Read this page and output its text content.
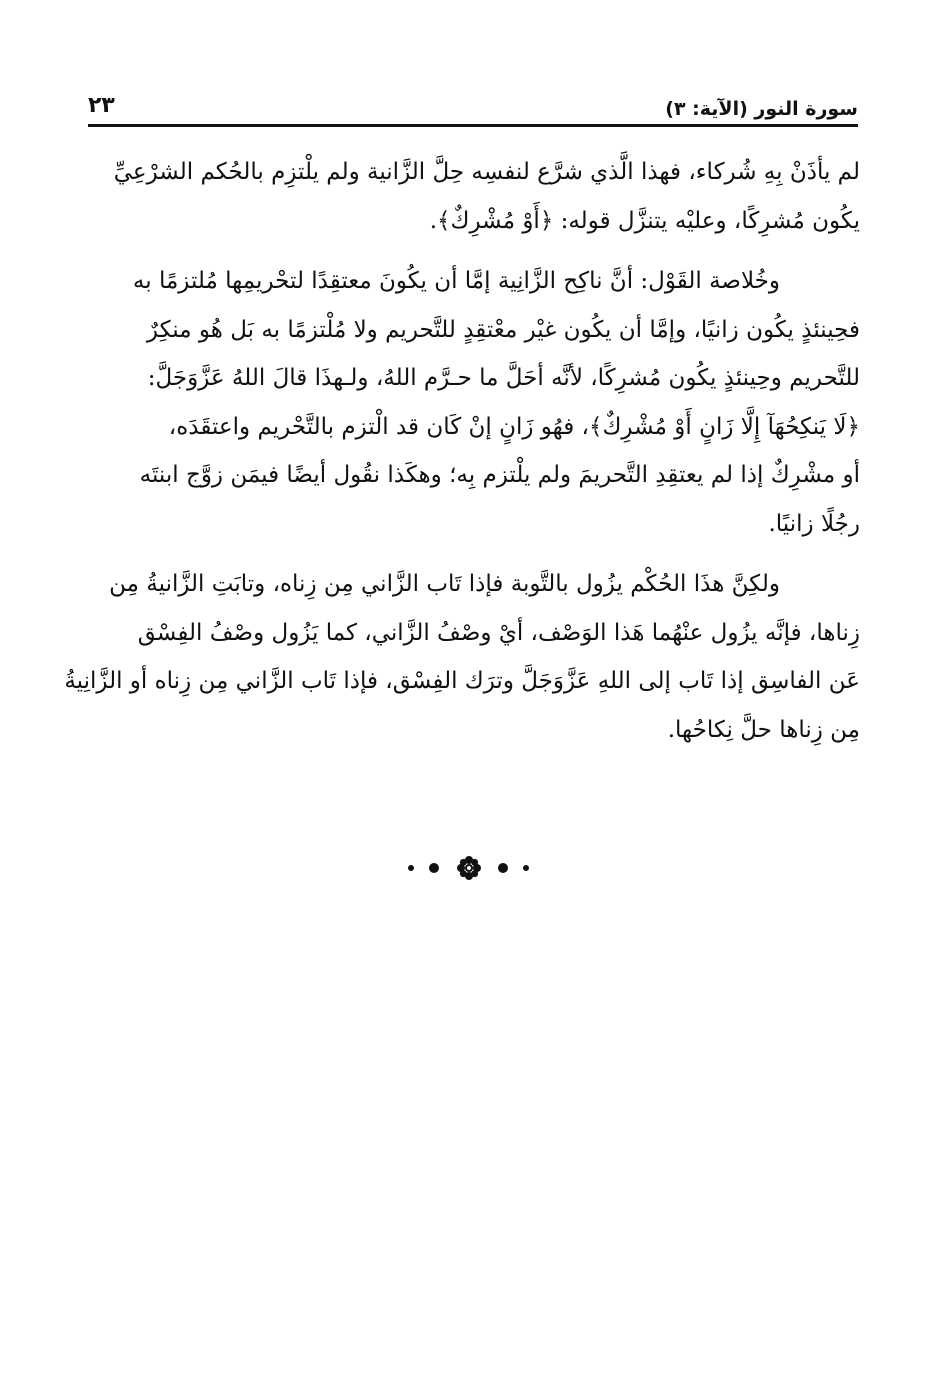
سورة النور (الآية: ٣)
٢٣
لم يأذَنْ بِهِ شُركاء، فهذا الَّذي شرَّع لنفسِه حِلَّ الزَّانية ولم يلْتزِم بالحُكم الشرْعِيِّ
يكُون مُشرِكًا، وعليْه يتنزَّل قوله: ﴿أَوْ مُشْرِكٌ﴾.
وخُلاصة القَوْل: أنَّ ناكِح الزَّانِية إمَّا أن يكُونَ معتقِدًا لتحْريمِها مُلتزمًا به
فحِينئذٍ يكُون زانيًا، وإمَّا أن يكُون غيْر معْتقِدٍ للتَّحريم ولا مُلْتزمًا به بَل هُو منكِرٌ
للتَّحريم وحِينئذٍ يكُون مُشرِكًا، لأنَّه أحَلَّ ما حـرَّم اللهُ، ولـهذَا قالَ اللهُ عَزَّوَجَلَّ:
﴿لَا يَنكِحُهَآ إِلَّا زَانٍ أَوْ مُشْرِكٌ﴾، فهُو زَانٍ إنْ كَان قد الْتزم بالتَّحْريم واعتقَدَه،
أو مشْرِكٌ إذا لم يعتقِدِ التَّحريمَ ولم يلْتزم بِه؛ وهكَذا نقُول أيضًا فيمَن زوَّج ابنتَه
رجُلًا زانيًا.
ولكِنَّ هذَا الحُكْم يزُول بالتَّوبة فإذا تَاب الزَّاني مِن زِناه، وتابَتِ الزَّانيةُ مِن
زِناها، فإنَّه يزُول عنْهُما هَذا الوَصْف، أيْ وصْفُ الزَّاني، كما يَزُول وصْفُ الفِسْق
عَن الفاسِق إذا تَاب إلى اللهِ عَزَّوَجَلَّ وترَك الفِسْق، فإذا تَاب الزَّاني مِن زِناه أو الزَّانِيةُ
مِن زِناها حلَّ نِكاحُها.
